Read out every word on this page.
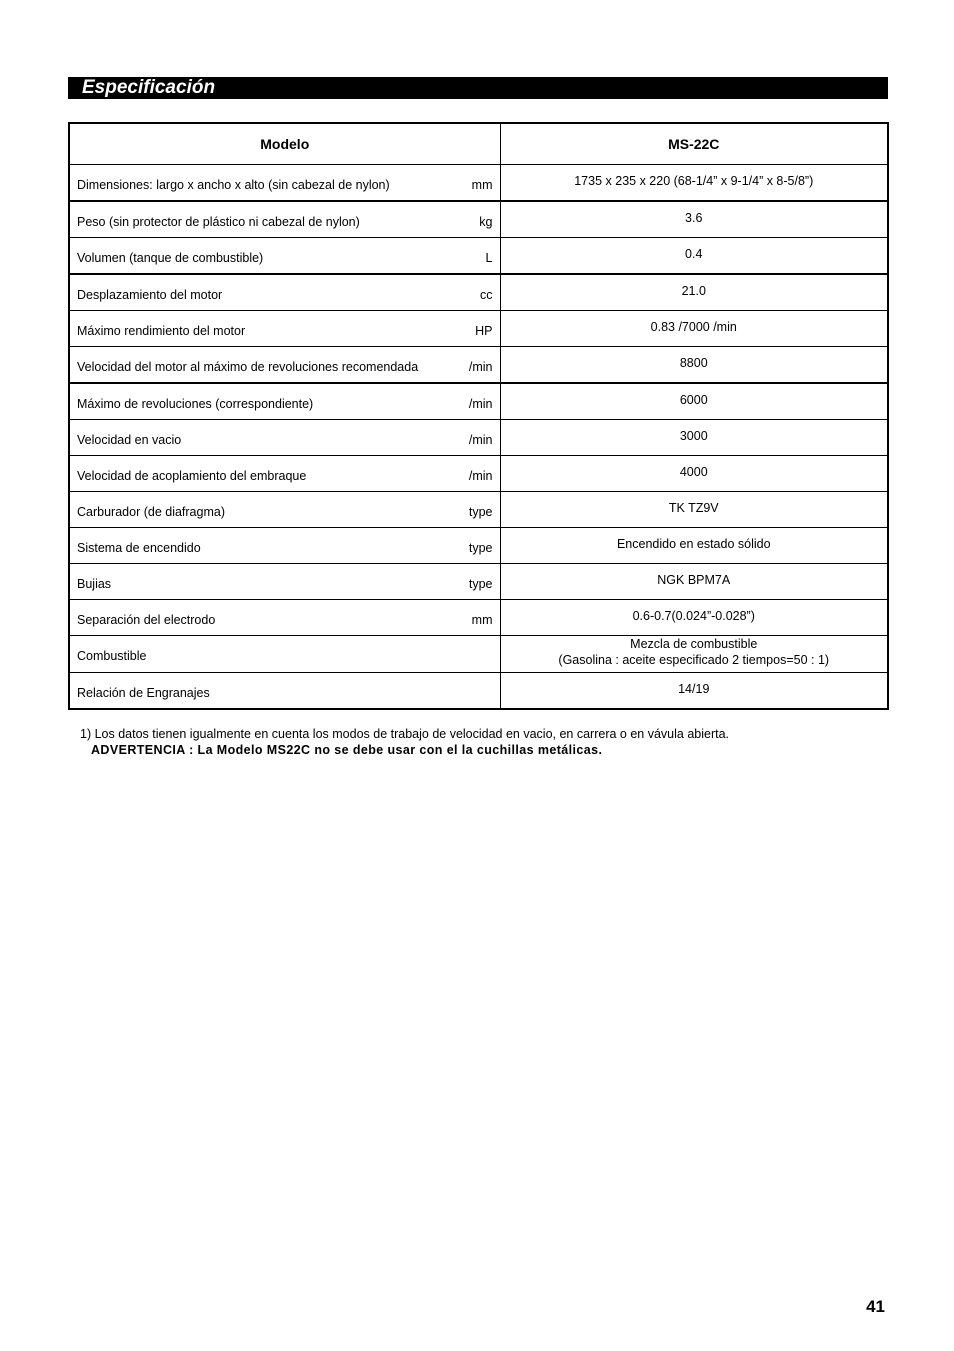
Especificación
Modelo	MS-22C

Dimensiones: largo x ancho x alto (sin cabezal de nylon) mm	1735 x 235 x 220 (68-1/4” x 9-1/4” x 8-5/8”)

Peso (sin protector de plástico ni cabezal de nylon) kg	3.6

Volumen (tanque de combustible) L	0.4

Desplazamiento del motor cc	21.0

Máximo rendimiento del motor HP	0.83 /7000 /min

Velocidad del motor al máximo de revoluciones recomendada /min	8800

Máximo de revoluciones (correspondiente) /min	6000

Velocidad en vacio /min	3000

Velocidad de acoplamiento del embraque /min	4000

Carburador (de diafragma) type	TK TZ9V

Sistema de encendido type	Encendido en estado sólido

Bujias type	NGK BPM7A

Separación del electrodo mm	0.6-0.7(0.024”-0.028”)

Combustible	Mezcla de combustible
(Gasolina : aceite especificado 2 tiempos=50 : 1)

Relación de Engranajes	14/19
1) Los datos tienen igualmente en cuenta los modos de trabajo de velocidad en vacio, en carrera o en vávula abierta.
ADVERTENCIA : La Modelo MS22C no se debe usar con el la cuchillas metálicas.
41
